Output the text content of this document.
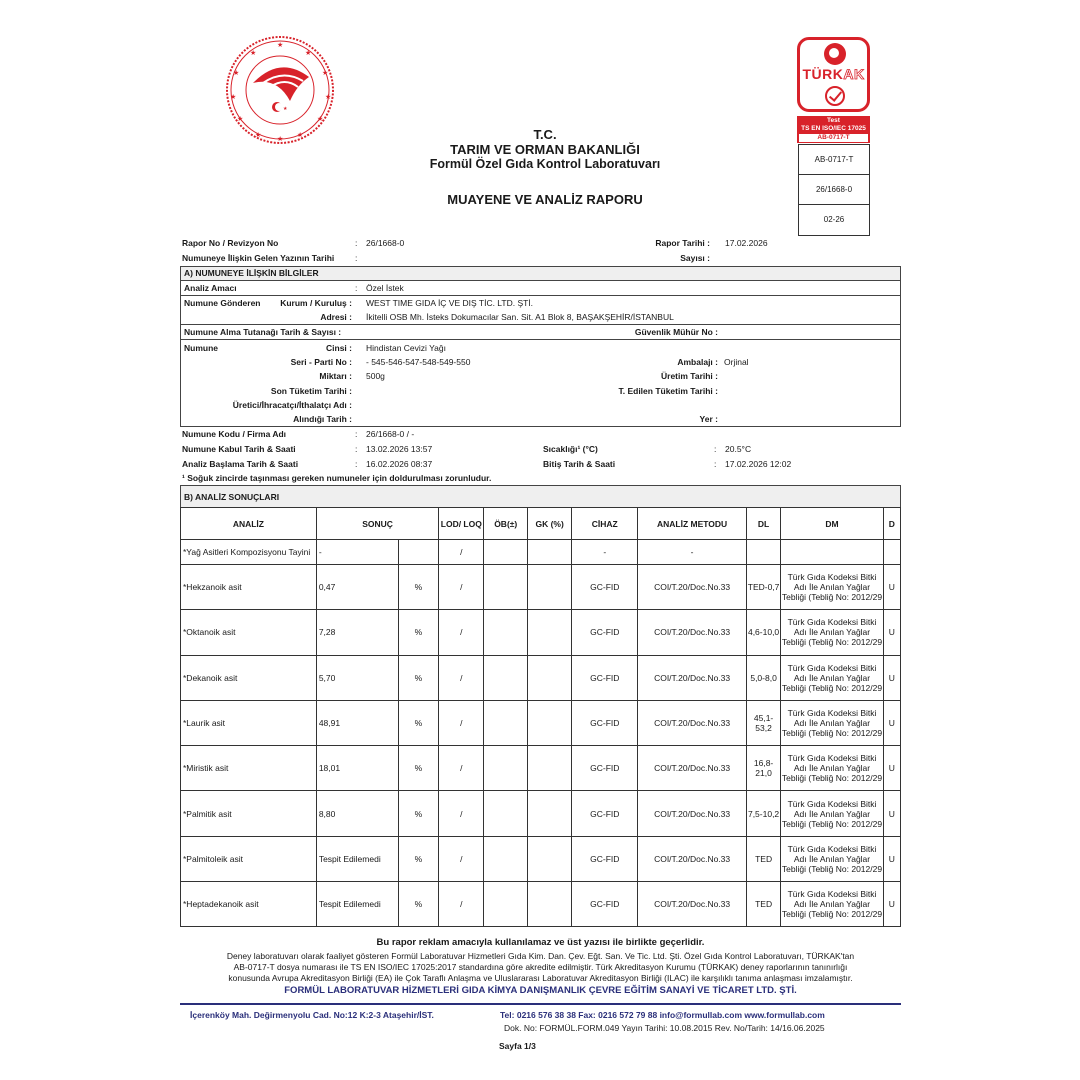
★
★	★
★	★
★	★
★	★
★	★
★
★
T.C.
TARIM VE ORMAN BAKANLIĞI
Formül Özel Gıda Kontrol Laboratuvarı
MUAYENE VE ANALİZ RAPORU
TÜRKAK
Test
TS EN ISO/IEC 17025
AB-0717-T
AB-0717-T
26/1668-0
02-26
Rapor No / Revizyon No	: 26/1668-0
Numuneye İlişkin Gelen Yazının Tarihi :
Rapor Tarihi : 17.02.2026
Sayısı :
A) NUMUNEYE İLİŞKİN BİLGİLER
Analiz Amacı	: Özel İstek
Numune Gönderen Kurum / Kuruluş : WEST TIME GIDA İÇ VE DIŞ TİC. LTD. ŞTİ.
Adresi : İkitelli OSB Mh. İsteks Dokumacılar San. Sit. A1 Blok 8, BAŞAKŞEHİR/İSTANBUL
Numune Alma Tutanağı Tarih & Sayısı :	Güvenlik Mühür No :
Numune	Cinsi : Hindistan Cevizi Yağı
Seri - Parti No : - 545-546-547-548-549-550
Miktarı : 500g
Son Tüketim Tarihi :
Üretici/İhracatçı/İthalatçı Adı :
Alındığı Tarih :
Ambalajı : Orjinal
Üretim Tarihi :
T. Edilen Tüketim Tarihi :
Yer :
Numune Kodu / Firma Adı	: 26/1668-0 / -
Numune Kabul Tarih & Saati	: 13.02.2026 13:57
Analiz Başlama Tarih & Saati	: 16.02.2026 08:37
Sıcaklığı¹ (°C)	: 20.5°C
Bitiş Tarih & Saati	: 17.02.2026 12:02
¹ Soğuk zincirde taşınması gereken numuneler için doldurulması zorunludur.
B) ANALİZ SONUÇLARI
ANALİZ	SONUÇ		LOD/ LOQ	ÖB(±)	GK (%)	CİHAZ	ANALİZ METODU	DL	DM	D
*Yağ Asitleri Kompozisyonu Tayini	-		/			-	-			
*Hekzanoik asit	0,47	%	/			GC-FID	COI/T.20/Doc.No.33	TED-0,7	Türk Gıda Kodeksi Bitki Adı İle Anılan Yağlar Tebliği (Tebliğ No: 2012/29	U
*Oktanoik asit	7,28	%	/			GC-FID	COI/T.20/Doc.No.33	4,6-10,0	Türk Gıda Kodeksi Bitki Adı İle Anılan Yağlar Tebliği (Tebliğ No: 2012/29	U
*Dekanoik asit	5,70	%	/			GC-FID	COI/T.20/Doc.No.33	5,0-8,0	Türk Gıda Kodeksi Bitki Adı İle Anılan Yağlar Tebliği (Tebliğ No: 2012/29	U
*Laurik asit	48,91	%	/			GC-FID	COI/T.20/Doc.No.33	45,1-53,2	Türk Gıda Kodeksi Bitki Adı İle Anılan Yağlar Tebliği (Tebliğ No: 2012/29	U
*Miristik asit	18,01	%	/			GC-FID	COI/T.20/Doc.No.33	16,8-21,0	Türk Gıda Kodeksi Bitki Adı İle Anılan Yağlar Tebliği (Tebliğ No: 2012/29	U
*Palmitik asit	8,80	%	/			GC-FID	COI/T.20/Doc.No.33	7,5-10,2	Türk Gıda Kodeksi Bitki Adı İle Anılan Yağlar Tebliği (Tebliğ No: 2012/29	U
*Palmitoleik asit	Tespit Edilemedi	%	/			GC-FID	COI/T.20/Doc.No.33	TED	Türk Gıda Kodeksi Bitki Adı İle Anılan Yağlar Tebliği (Tebliğ No: 2012/29	U
*Heptadekanoik asit	Tespit Edilemedi	%	/			GC-FID	COI/T.20/Doc.No.33	TED	Türk Gıda Kodeksi Bitki Adı İle Anılan Yağlar Tebliği (Tebliğ No: 2012/29	U
Bu rapor reklam amacıyla kullanılamaz ve üst yazısı ile birlikte geçerlidir.
Deney laboratuvarı olarak faaliyet gösteren Formül Laboratuvar Hizmetleri Gıda Kim. Dan. Çev. Eğt. San. Ve Tic. Ltd. Şti. Özel Gıda Kontrol Laboratuvarı, TÜRKAK'tan
AB-0717-T dosya numarası ile TS EN ISO/IEC 17025:2017 standardına göre akredite edilmiştir. Türk Akreditasyon Kurumu (TÜRKAK) deney raporlarının tanınırlığı
konusunda Avrupa Akreditasyon Birliği (EA) ile Çok Taraflı Anlaşma ve Uluslararası Laboratuvar Akreditasyon Birliği (ILAC) ile karşılıklı tanıma anlaşması imzalamıştır.
FORMÜL LABORATUVAR HİZMETLERİ GIDA KİMYA DANIŞMANLIK ÇEVRE EĞİTİM SANAYİ VE TİCARET LTD. ŞTİ.
İçerenköy Mah. Değirmenyolu Cad. No:12 K:2-3 Ataşehir/İST.	Tel: 0216 576 38 38 Fax: 0216 572 79 88 info@formullab.com www.formullab.com
Dok. No: FORMÜL.FORM.049 Yayın Tarihi: 10.08.2015 Rev. No/Tarih: 14/16.06.2025
Sayfa 1/3
